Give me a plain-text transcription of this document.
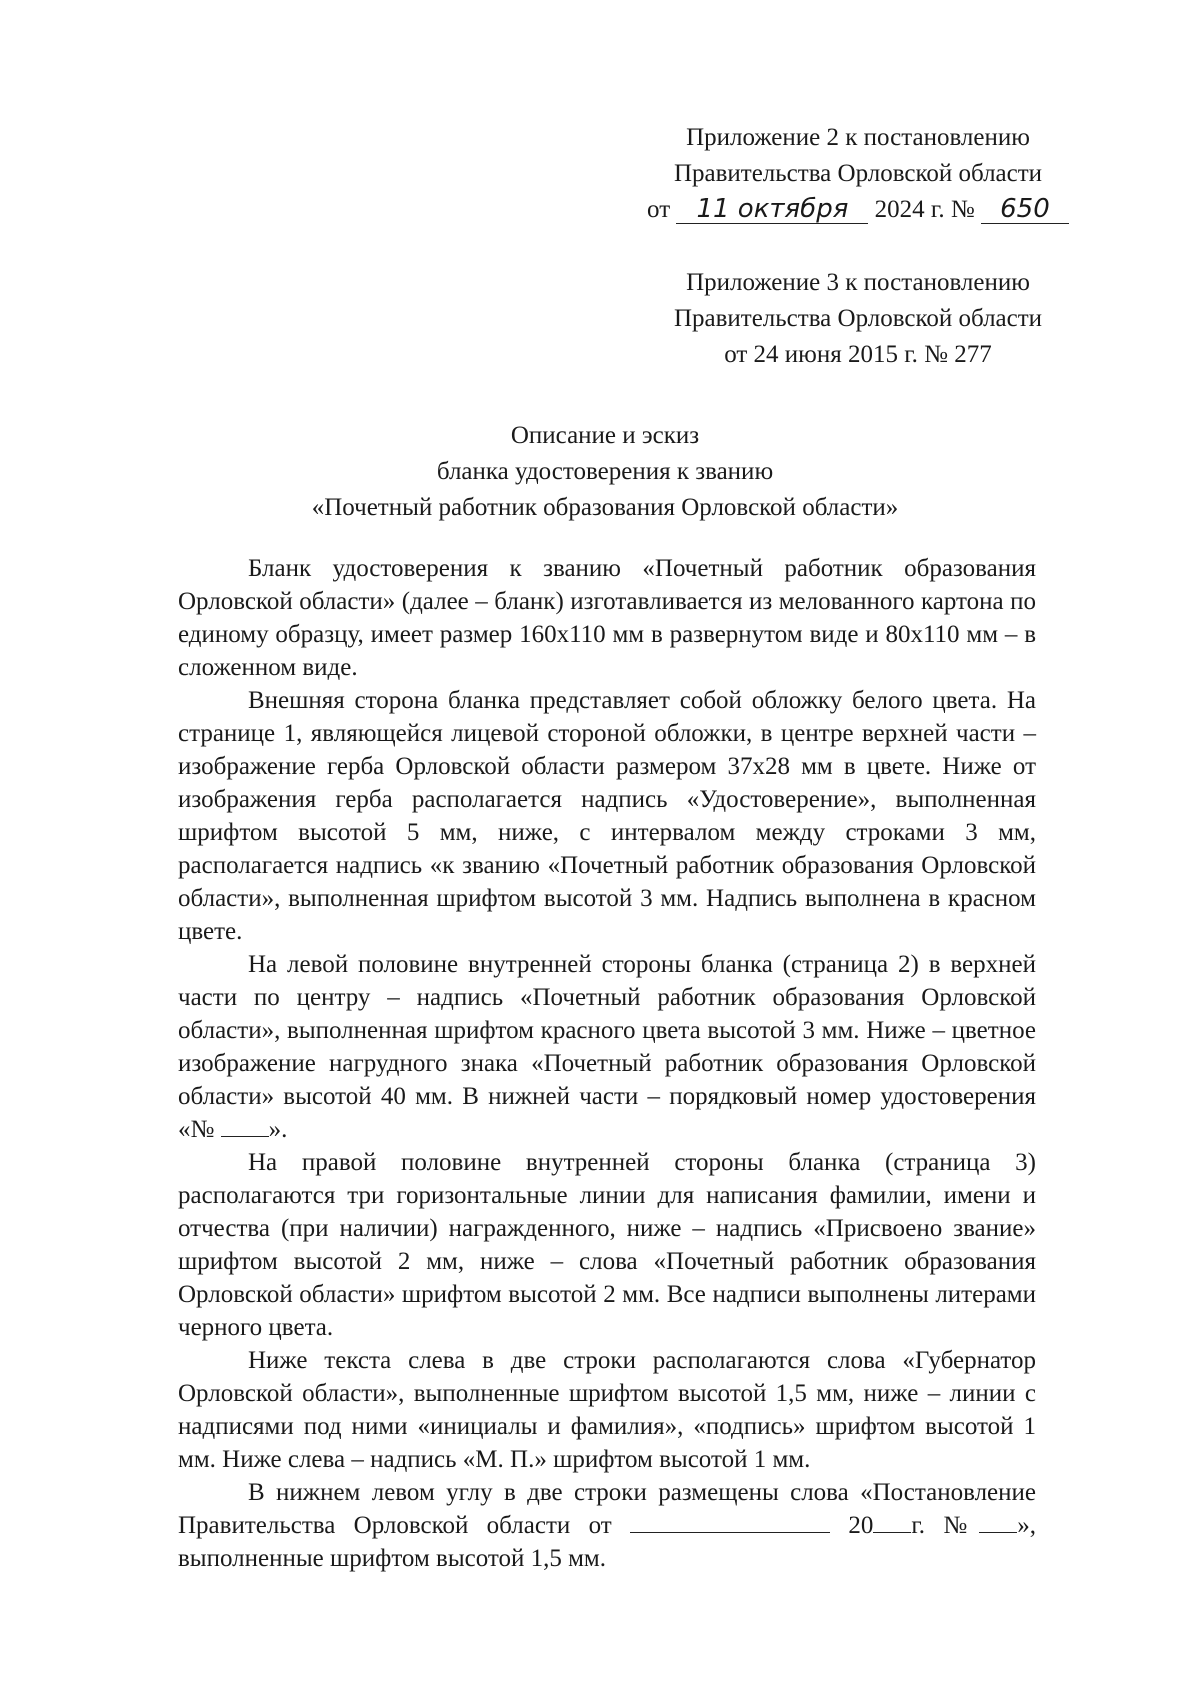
Приложение 2 к постановлению
Правительства Орловской области
от 11 октября 2024 г. № 650
Приложение 3 к постановлению
Правительства Орловской области
от 24 июня 2015 г. № 277
Описание и эскиз
бланка удостоверения к званию
«Почетный работник образования Орловской области»

Бланк удостоверения к званию «Почетный работник образования Орловской области» (далее – бланк) изготавливается из мелованного картона по единому образцу, имеет размер 160х110 мм в развернутом виде и 80х110 мм – в сложенном виде.

Внешняя сторона бланка представляет собой обложку белого цвета. На странице 1, являющейся лицевой стороной обложки, в центре верхней части – изображение герба Орловской области размером 37х28 мм в цвете. Ниже от изображения герба располагается надпись «Удостоверение», выполненная шрифтом высотой 5 мм, ниже, с интервалом между строками 3 мм, располагается надпись «к званию «Почетный работник образования Орловской области», выполненная шрифтом высотой 3 мм. Надпись выполнена в красном цвете.

На левой половине внутренней стороны бланка (страница 2) в верхней части по центру – надпись «Почетный работник образования Орловской области», выполненная шрифтом красного цвета высотой 3 мм. Ниже – цветное изображение нагрудного знака «Почетный работник образования Орловской области» высотой 40 мм. В нижней части – порядковый номер удостоверения «№ ».

На правой половине внутренней стороны бланка (страница 3) располагаются три горизонтальные линии для написания фамилии, имени и отчества (при наличии) награжденного, ниже – надпись «Присвоено звание» шрифтом высотой 2 мм, ниже – слова «Почетный работник образования Орловской области» шрифтом высотой 2 мм. Все надписи выполнены литерами черного цвета.

Ниже текста слева в две строки располагаются слова «Губернатор Орловской области», выполненные шрифтом высотой 1,5 мм, ниже – линии с надписями под ними «инициалы и фамилия», «подпись» шрифтом высотой 1 мм. Ниже слева – надпись «М. П.» шрифтом высотой 1 мм.

В нижнем левом углу в две строки размещены слова «Постановление Правительства Орловской области от	20 г. № », выполненные шрифтом высотой 1,5 мм.
